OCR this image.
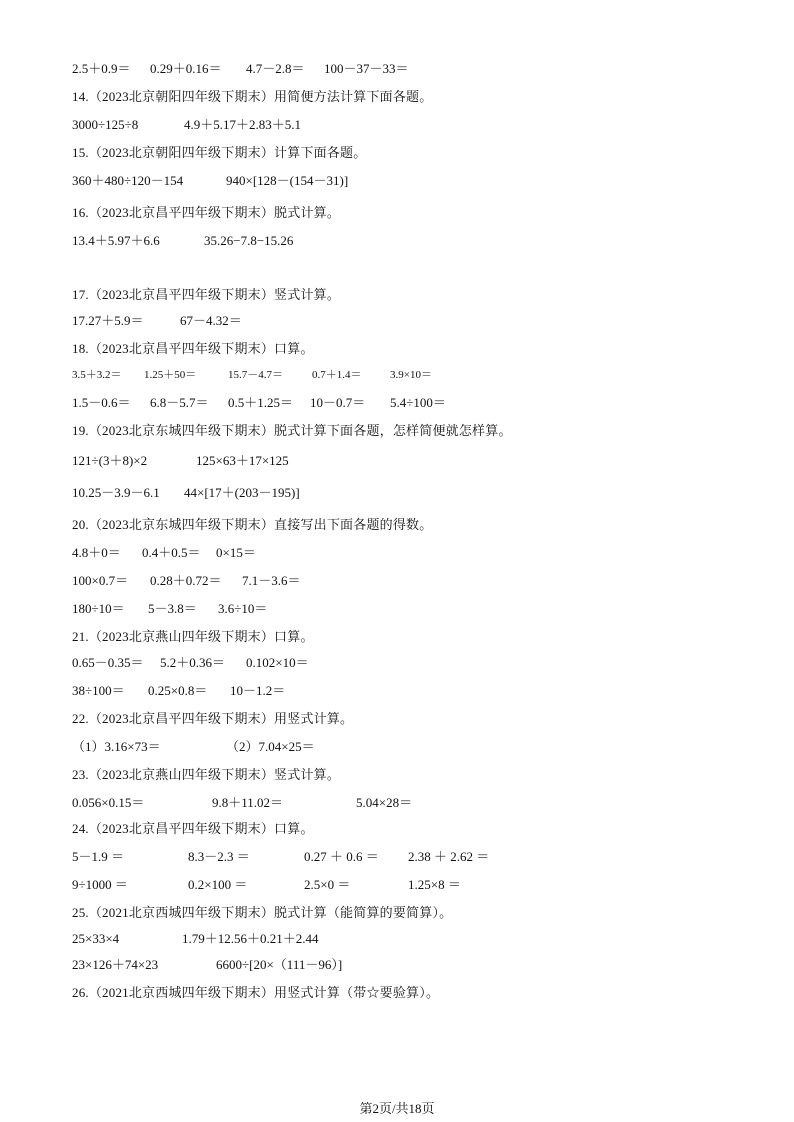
2.5＋0.9＝ 0.29＋0.16＝ 4.7－2.8＝ 100－37－33＝
14.（2023北京朝阳四年级下期末）用简便方法计算下面各题。
3000÷125÷8	4.9＋5.17＋2.83＋5.1
15.（2023北京朝阳四年级下期末）计算下面各题。
360＋480÷120－154	940×[128－(154－31)]
16.（2023北京昌平四年级下期末）脱式计算。
13.4＋5.97＋6.6	35.26−7.8−15.26
17.（2023北京昌平四年级下期末）竖式计算。
17.27＋5.9＝	67－4.32＝
18.（2023北京昌平四年级下期末）口算。
3.5＋3.2＝ 1.25＋50＝	15.7－4.7＝	0.7＋1.4＝	3.9×10＝
1.5－0.6＝ 6.8－5.7＝ 0.5＋1.25＝ 10－0.7＝ 5.4÷100＝
19.（2023北京东城四年级下期末）脱式计算下面各题，怎样简便就怎样算。
121÷(3＋8)×2	125×63＋17×125
10.25－3.9－6.1 44×[17＋(203－195)]
20.（2023北京东城四年级下期末）直接写出下面各题的得数。
4.8＋0＝ 0.4＋0.5＝ 0×15＝
100×0.7＝ 0.28＋0.72＝ 7.1－3.6＝
180÷10＝ 5－3.8＝ 3.6÷10＝
21.（2023北京燕山四年级下期末）口算。
0.65－0.35＝ 5.2＋0.36＝ 0.102×10＝
38÷100＝ 0.25×0.8＝ 10－1.2＝
22.（2023北京昌平四年级下期末）用竖式计算。
（1）3.16×73＝	（2）7.04×25＝
23.（2023北京燕山四年级下期末）竖式计算。
0.056×0.15＝	9.8＋11.02＝	5.04×28＝
24.（2023北京昌平四年级下期末）口算。
5－1.9 ＝	8.3－2.3 ＝	0.27 ＋ 0.6 ＝ 2.38 ＋ 2.62 ＝
9÷1000 ＝	0.2×100 ＝	2.5×0 ＝	1.25×8 ＝
25.（2021北京西城四年级下期末）脱式计算（能简算的要简算）。
25×33×4	1.79＋12.56＋0.21＋2.44
23×126＋74×23	6600÷[20×（111－96）]
26.（2021北京西城四年级下期末）用竖式计算（带☆要验算）。
第2页/共18页
